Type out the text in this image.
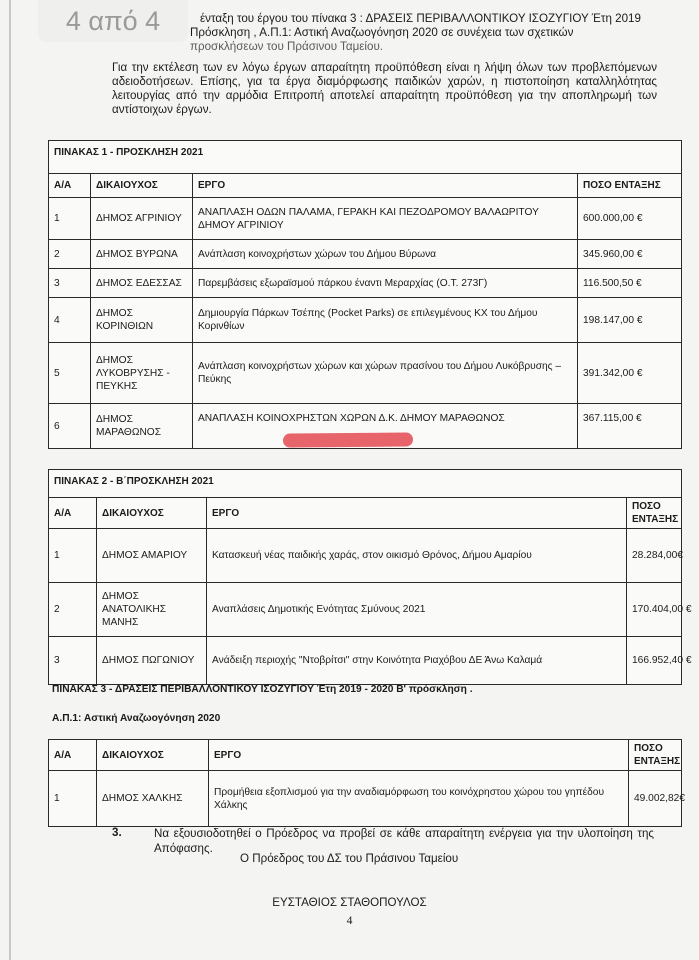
4 από 4	ένταξη του έργου του πίνακα 3 : ΔΡΑΣΕΙΣ ΠΕΡΙΒΑΛΛΟΝΤΙΚΟΥ ΙΣΟΖΥΓΙΟΥ Έτη 2019

Πρόσκληση , Α.Π.1: Αστική Αναζωογόνηση 2020 σε συνέχεια των σχετικών

προσκλήσεων του Πράσινου Ταμείου.

Για την εκτέλεση των εν λόγω έργων απαραίτητη προϋπόθεση είναι η λήψη όλων των προβλεπόμενων αδειοδοτήσεων. Επίσης, για τα έργα διαμόρφωσης παιδικών χαρών, η πιστοποίηση καταλληλότητας λειτουργίας από την αρμόδια Επιτροπή αποτελεί απαραίτητη προϋπόθεση για την αποπληρωμή των αντίστοιχων έργων.

ΠΙΝΑΚΑΣ 1 - ΠΡΟΣΚΛΗΣΗ 2021			
Α/Α	ΔΙΚΑΙΟΥΧΟΣ	ΕΡΓΟ	ΠΟΣΟ ΕΝΤΑΞΗΣ
1	ΔΗΜΟΣ ΑΓΡΙΝΙΟΥ	ΑΝΑΠΛΑΣΗ ΟΔΩΝ ΠΑΛΑΜΑ, ΓΕΡΑΚΗ ΚΑΙ ΠΕΖΟΔΡΟΜΟΥ ΒΑΛΑΩΡΙΤΟΥ ΔΗΜΟΥ ΑΓΡΙΝΙΟΥ	600.000,00 €
2	ΔΗΜΟΣ ΒΥΡΩΝΑ	Ανάπλαση κοινοχρήστων χώρων του Δήμου Βύρωνα	345.960,00 €
3	ΔΗΜΟΣ ΕΔΕΣΣΑΣ	Παρεμβάσεις εξωραϊσμού πάρκου έναντι Μεραρχίας (Ο.Τ. 273Γ)	116.500,50 €
4	ΔΗΜΟΣ ΚΟΡΙΝΘΙΩΝ	Δημιουργία Πάρκων Τσέπης (Pocket Parks) σε επιλεγμένους ΚΧ του Δήμου Κορινθίων	198.147,00 €
5	ΔΗΜΟΣ ΛΥΚΟΒΡΥΣΗΣ - ΠΕΥΚΗΣ	Ανάπλαση κοινοχρήστων χώρων και χώρων πρασίνου του Δήμου Λυκόβρυσης – Πεύκης	391.342,00 €
6	ΔΗΜΟΣ ΜΑΡΑΘΩΝΟΣ	ΑΝΑΠΛΑΣΗ ΚΟΙΝΟΧΡΗΣΤΩΝ ΧΩΡΩΝ Δ.Κ. ΔΗΜΟΥ ΜΑΡΑΘΩΝΟΣ	367.115,00 €
ΠΙΝΑΚΑΣ 2 - Β΄ΠΡΟΣΚΛΗΣΗ 2021			
Α/Α	ΔΙΚΑΙΟΥΧΟΣ	ΕΡΓΟ	ΠΟΣΟ ΕΝΤΑΞΗΣ
1	ΔΗΜΟΣ ΑΜΑΡΙΟΥ	Κατασκευή νέας παιδικής χαράς, στον οικισμό Θρόνος, Δήμου Αμαρίου	28.284,00€
2	ΔΗΜΟΣ ΑΝΑΤΟΛΙΚΗΣ ΜΑΝΗΣ	Αναπλάσεις Δημοτικής Ενότητας Σμύνους 2021	170.404,00 €
3	ΔΗΜΟΣ ΠΩΓΩΝΙΟΥ	Ανάδειξη περιοχής "Ντοβρίτσι" στην Κοινότητα Ριαχόβου ΔΕ Άνω Καλαμά	166.952,40 €
ΠΙΝΑΚΑΣ 3 - ΔΡΑΣΕΙΣ ΠΕΡΙΒΑΛΛΟΝΤΙΚΟΥ ΙΣΟΖΥΓΙΟΥ Έτη 2019 - 2020 Β' πρόσκληση .
Α.Π.1: Αστική Αναζωογόνηση 2020
Α/Α	ΔΙΚΑΙΟΥΧΟΣ	ΕΡΓΟ	ΠΟΣΟ ΕΝΤΑΞΗΣ
1	ΔΗΜΟΣ ΧΑΛΚΗΣ	Προμήθεια εξοπλισμού για την αναδιαμόρφωση του κοινόχρηστου χώρου του γηπέδου Χάλκης	49.002,82€
3.	Να εξουσιοδοτηθεί ο Πρόεδρος να προβεί σε κάθε απαραίτητη ενέργεια για την υλοποίηση της Απόφασης.
Ο Πρόεδρος του ΔΣ του Πράσινου Ταμείου
ΕΥΣΤΑΘΙΟΣ ΣΤΑΘΟΠΟΥΛΟΣ
4
